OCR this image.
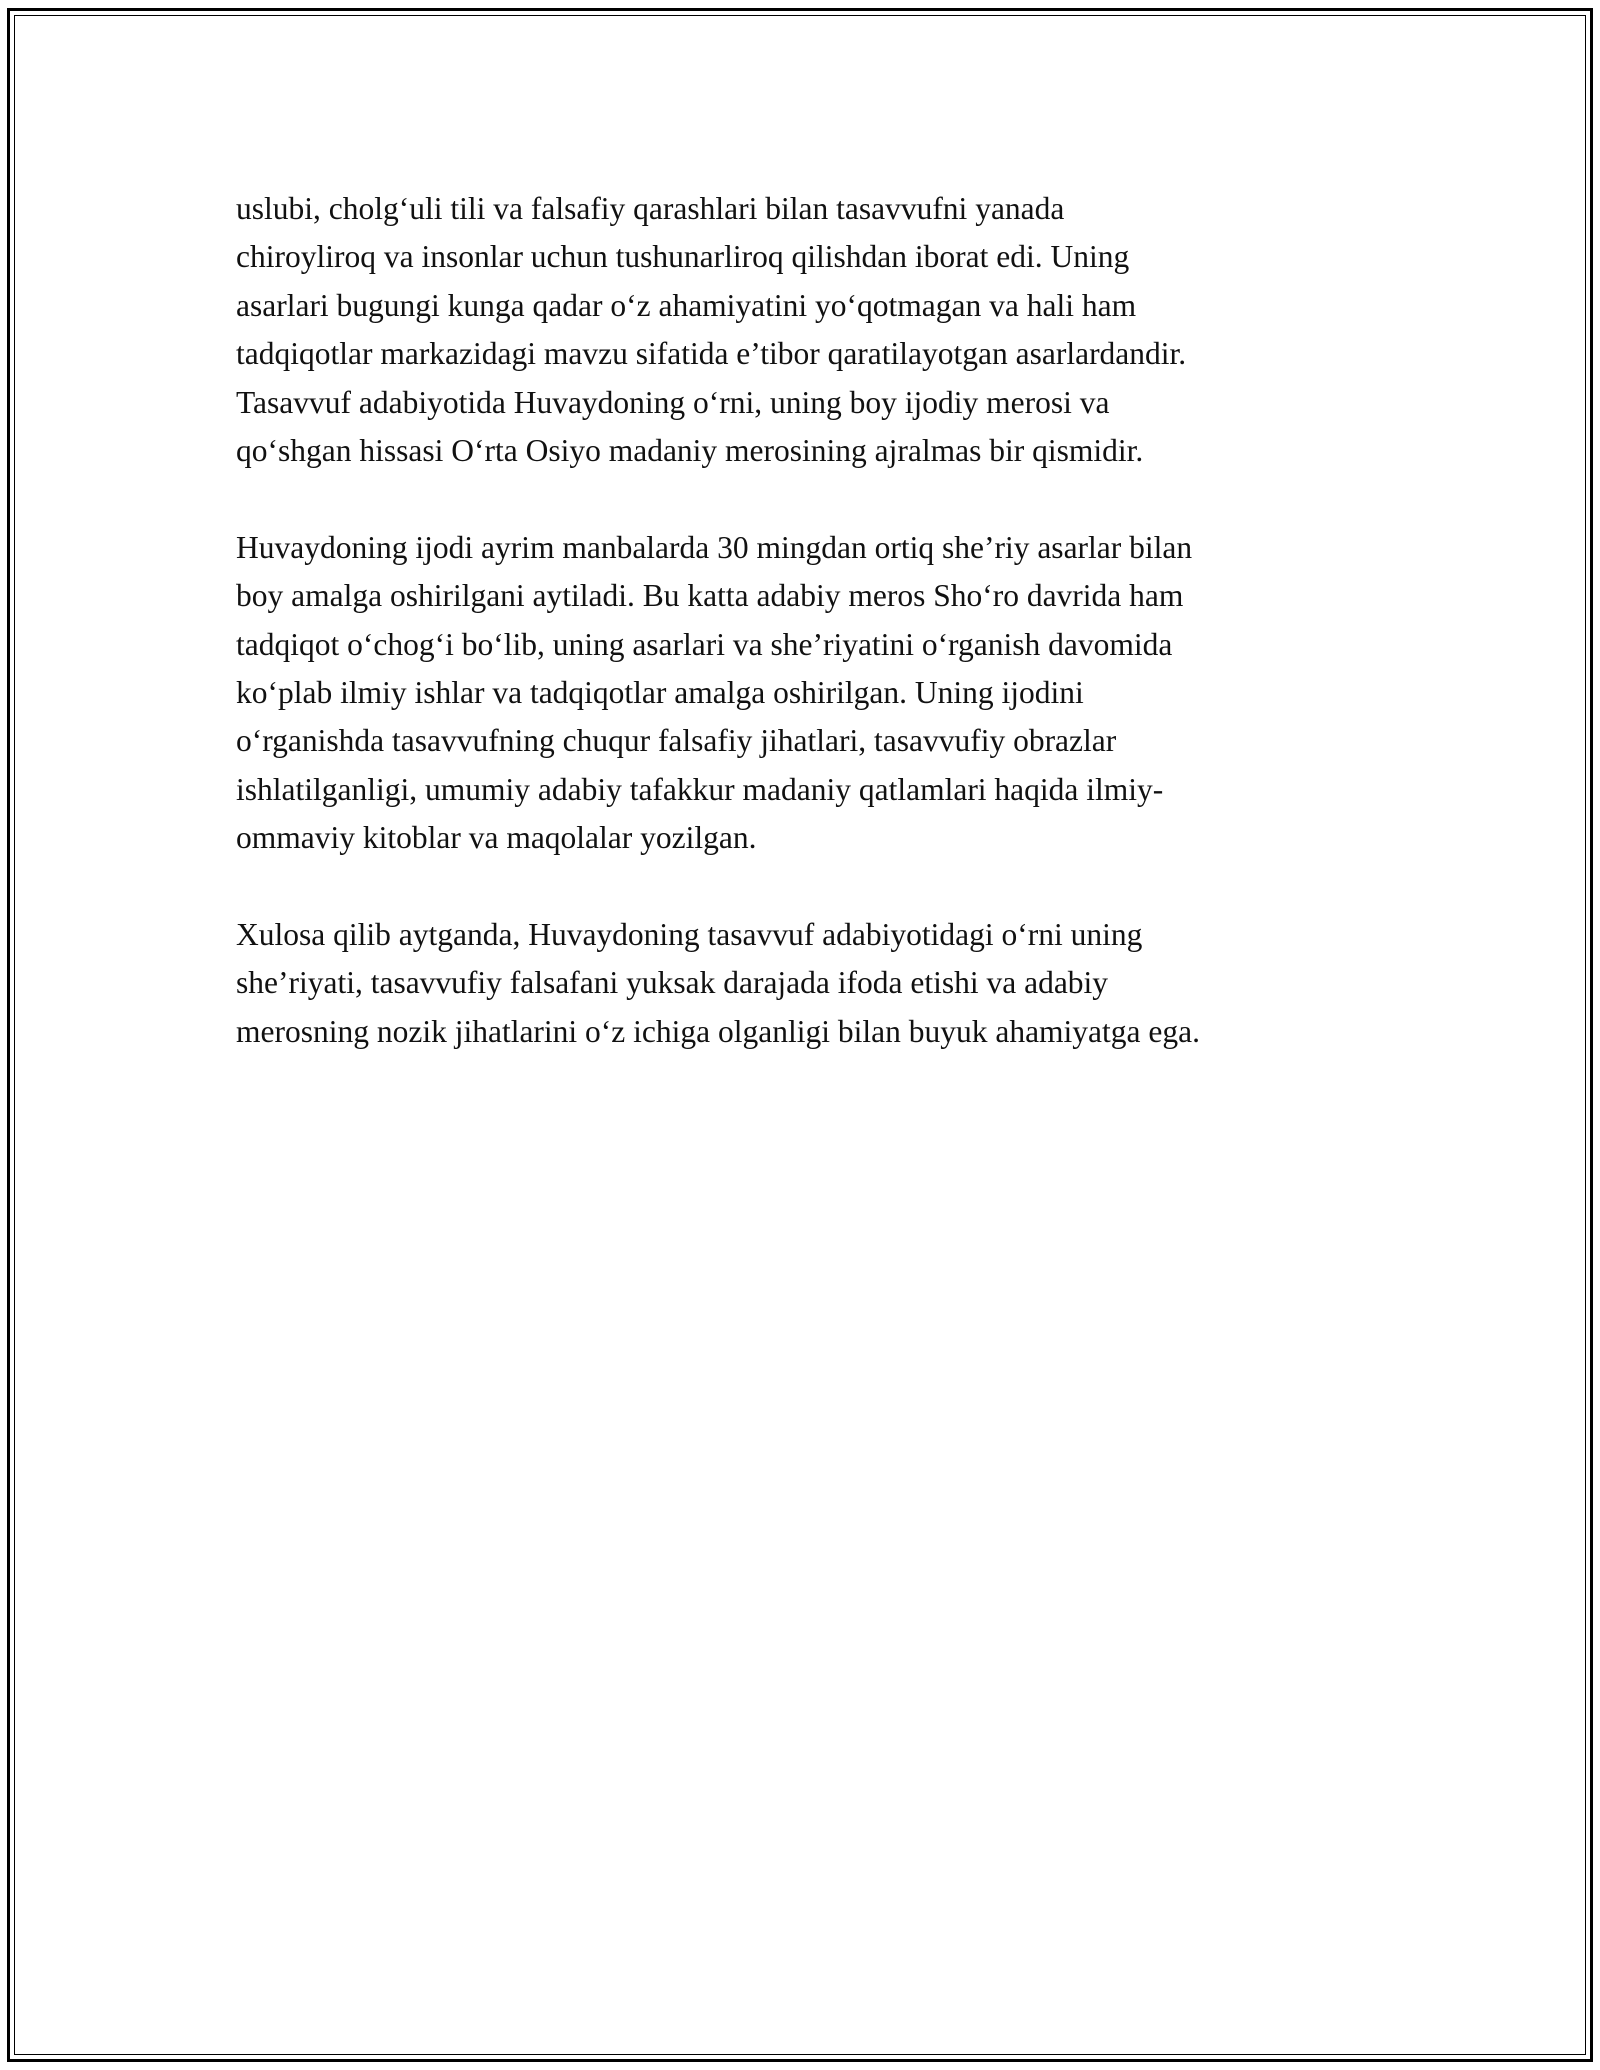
uslubi, cholg‘uli tili va falsafiy qarashlari bilan tasavvufni yanada
chiroyliroq va insonlar uchun tushunarliroq qilishdan iborat edi. Uning
asarlari bugungi kunga qadar o‘z ahamiyatini yo‘qotmagan va hali ham
tadqiqotlar markazidagi mavzu sifatida e’tibor qaratilayotgan asarlardandir.
Tasavvuf adabiyotida Huvaydoning o‘rni, uning boy ijodiy merosi va
qo‘shgan hissasi O‘rta Osiyo madaniy merosining ajralmas bir qismidir.

Huvaydoning ijodi ayrim manbalarda 30 mingdan ortiq she’riy asarlar bilan
boy amalga oshirilgani aytiladi. Bu katta adabiy meros Sho‘ro davrida ham
tadqiqot o‘chog‘i bo‘lib, uning asarlari va she’riyatini o‘rganish davomida
ko‘plab ilmiy ishlar va tadqiqotlar amalga oshirilgan. Uning ijodini
o‘rganishda tasavvufning chuqur falsafiy jihatlari, tasavvufiy obrazlar
ishlatilganligi, umumiy adabiy tafakkur madaniy qatlamlari haqida ilmiy-
ommaviy kitoblar va maqolalar yozilgan.

Xulosa qilib aytganda, Huvaydoning tasavvuf adabiyotidagi o‘rni uning
she’riyati, tasavvufiy falsafani yuksak darajada ifoda etishi va adabiy
merosning nozik jihatlarini o‘z ichiga olganligi bilan buyuk ahamiyatga ega.
